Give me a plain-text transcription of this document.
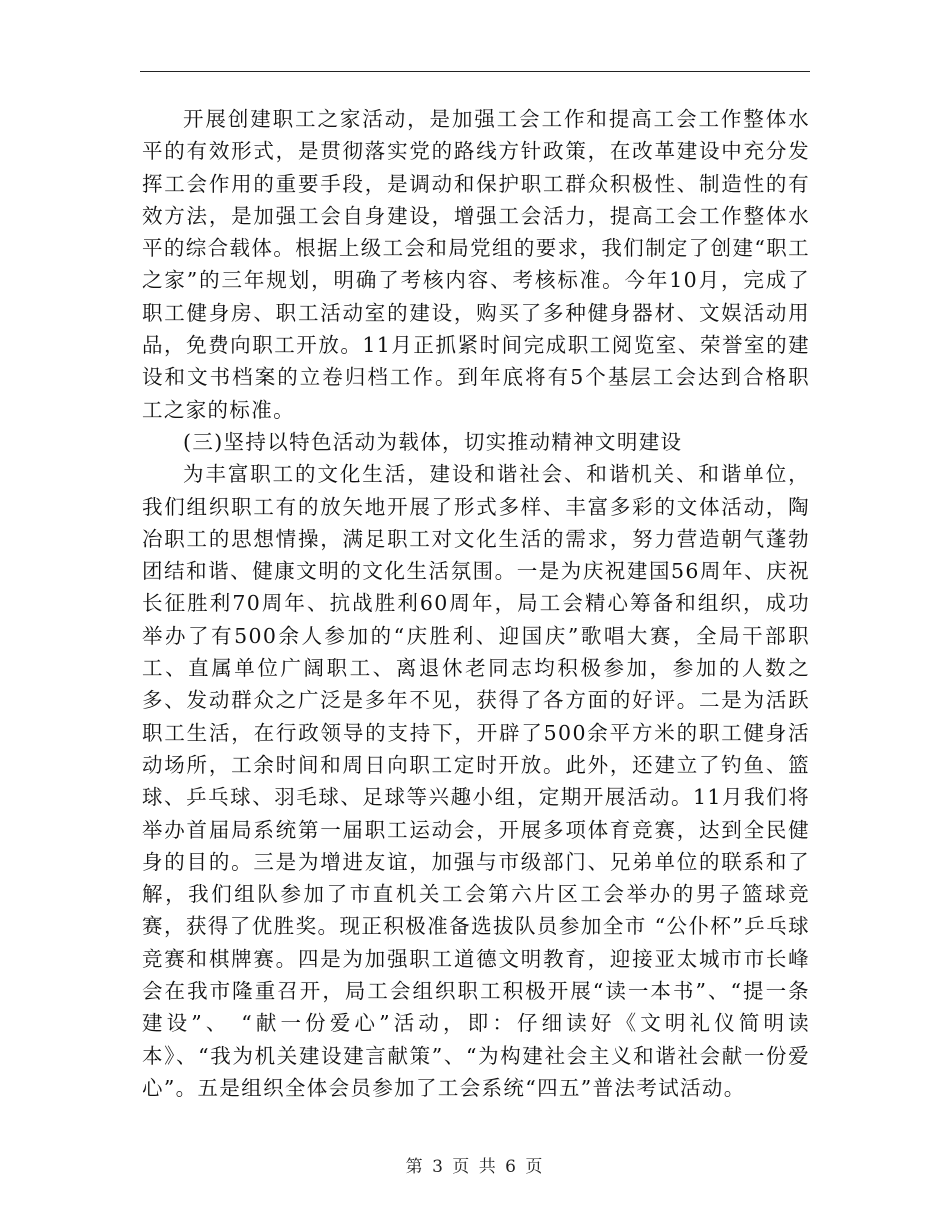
开展创建职工之家活动，是加强工会工作和提高工会工作整体水平的有效形式，是贯彻落实党的路线方针政策，在改革建设中充分发挥工会作用的重要手段，是调动和保护职工群众积极性、制造性的有效方法，是加强工会自身建设，增强工会活力，提高工会工作整体水平的综合载体。根据上级工会和局党组的要求，我们制定了创建“职工之家”的三年规划，明确了考核内容、考核标准。今年10月，完成了职工健身房、职工活动室的建设，购买了多种健身器材、文娱活动用品，免费向职工开放。11月正抓紧时间完成职工阅览室、荣誉室的建设和文书档案的立卷归档工作。到年底将有5个基层工会达到合格职工之家的标准。

(三)坚持以特色活动为载体，切实推动精神文明建设

为丰富职工的文化生活，建设和谐社会、和谐机关、和谐单位，我们组织职工有的放矢地开展了形式多样、丰富多彩的文体活动，陶冶职工的思想情操，满足职工对文化生活的需求，努力营造朝气蓬勃团结和谐、健康文明的文化生活氛围。一是为庆祝建国56周年、庆祝长征胜利70周年、抗战胜利60周年，局工会精心筹备和组织，成功举办了有500余人参加的“庆胜利、迎国庆”歌唱大赛，全局干部职工、直属单位广阔职工、离退休老同志均积极参加，参加的人数之多、发动群众之广泛是多年不见，获得了各方面的好评。二是为活跃职工生活，在行政领导的支持下，开辟了500余平方米的职工健身活动场所，工余时间和周日向职工定时开放。此外，还建立了钓鱼、篮球、乒乓球、羽毛球、足球等兴趣小组，定期开展活动。11月我们将举办首届局系统第一届职工运动会，开展多项体育竞赛，达到全民健身的目的。三是为增进友谊，加强与市级部门、兄弟单位的联系和了解，我们组队参加了市直机关工会第六片区工会举办的男子篮球竞赛，获得了优胜奖。现正积极准备选拔队员参加全市 “公仆杯”乒乓球竞赛和棋牌赛。四是为加强职工道德文明教育，迎接亚太城市市长峰会在我市隆重召开，局工会组织职工积极开展“读一本书”、“提一条建设”、 “献一份爱心”活动，即：仔细读好《文明礼仪简明读本》、“我为机关建设建言献策”、“为构建社会主义和谐社会献一份爱心”。五是组织全体会员参加了工会系统“四五”普法考试活动。

第 3 页 共 6 页
